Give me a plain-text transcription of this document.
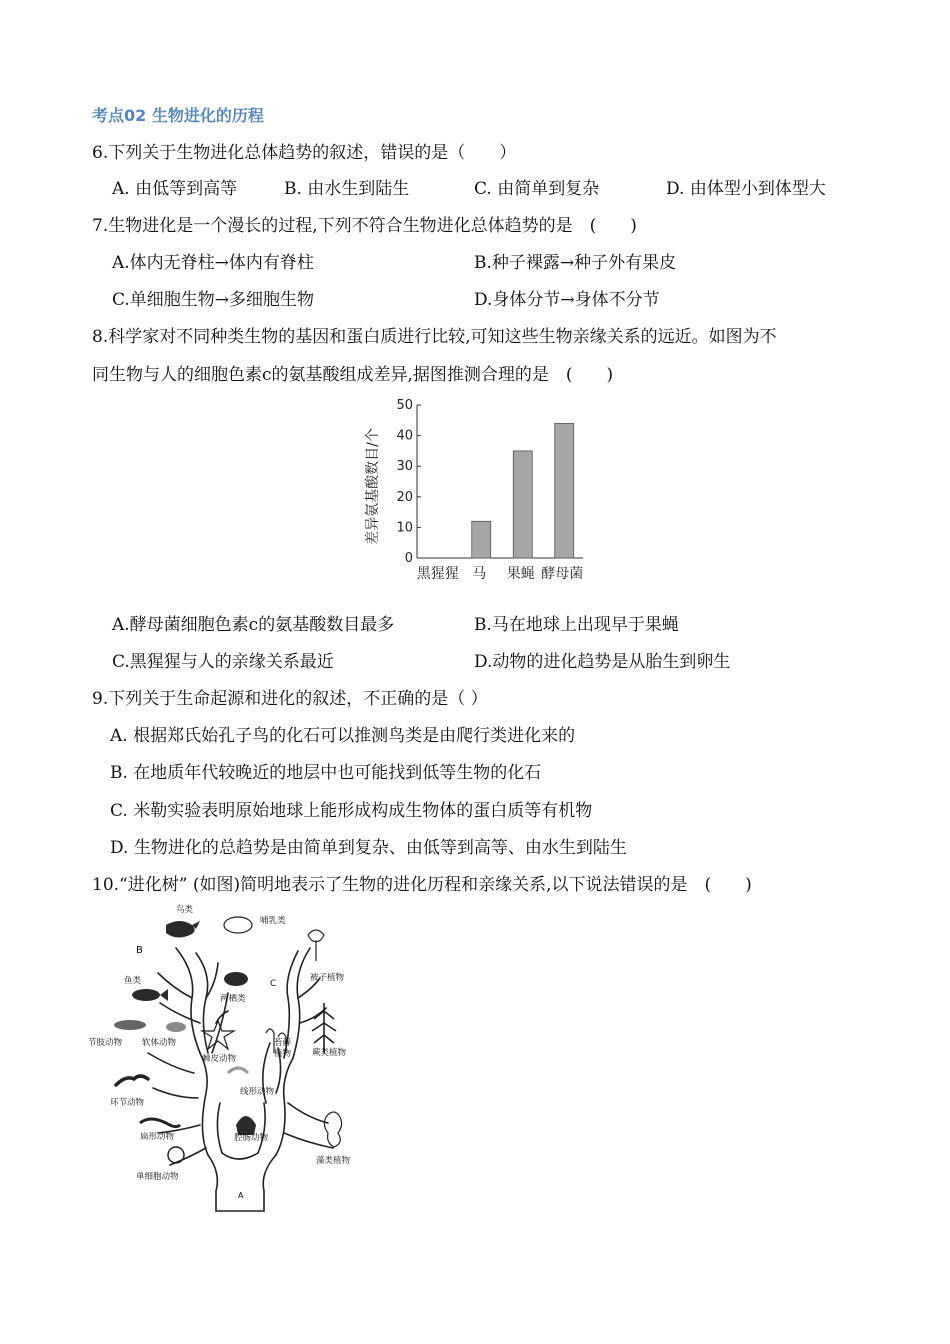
考点02 生物进化的历程
6.下列关于生物进化总体趋势的叙述，错误的是（　　）
A. 由低等到高等	B. 由水生到陆生	C. 由简单到复杂	D. 由体型小到体型大
7.生物进化是一个漫长的过程,下列不符合生物进化总体趋势的是　(　　)
A.体内无脊柱→体内有脊柱	B.种子裸露→种子外有果皮
C.单细胞生物→多细胞生物	D.身体分节→身体不分节
8.科学家对不同种类生物的基因和蛋白质进行比较,可知这些生物亲缘关系的远近。如图为不
同生物与人的细胞色素c的氨基酸组成差异,据图推测合理的是　(　　)
0
10
20
30
40
50
黑猩猩 马 果蝇 酵母菌
差异氨基酸数目/个
A.酵母菌细胞色素c的氨基酸数目最多	B.马在地球上出现早于果蝇
C.黑猩猩与人的亲缘关系最近	D.动物的进化趋势是从胎生到卵生
9.下列关于生命起源和进化的叙述，不正确的是（ ）
A. 根据郑氏始孔子鸟的化石可以推测鸟类是由爬行类进化来的
B. 在地质年代较晚近的地层中也可能找到低等生物的化石
C. 米勒实验表明原始地球上能形成构成生物体的蛋白质等有机物
D. 生物进化的总趋势是由简单到复杂、由低等到高等、由水生到陆生
10.“进化树” (如图)简明地表示了生物的进化历程和亲缘关系,以下说法错误的是　(　　)
鸟类
哺乳类
B
C
鱼类
两栖类
被子植物
节肢动物 软体动物
棘皮动物
苔藓
植物 蕨类植物
环节动物
线形动物
扁形动物	腔肠动物
藻类植物
单细胞动物
A
